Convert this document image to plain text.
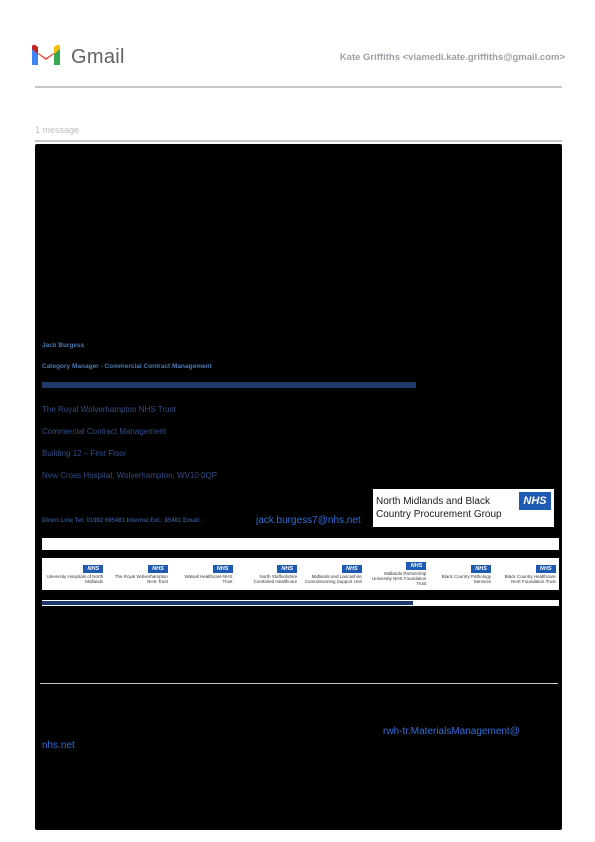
Gmail	Kate Griffiths <viamedi.kate.griffiths@gmail.com>
1 message
Jack Burgess
Category Manager - Commercial Contract Management
The Royal Wolverhampton NHS Trust
Commercial Contract Management
Building 12 – First Floor
New Cross Hospital, Wolverhampton, WV10 0QP
Direct Line Tel: 01902 695481 Internal Ext.: 85481 Email:	jack.burgess7@nhs.net
North Midlands and Black
Country Procurement Group
NHS
NHS
University Hospitals of North Midlands
NHS
The Royal Wolverhampton NHS Trust
NHS
Walsall Healthcare NHS Trust
NHS
North Staffordshire Combined Healthcare
NHS
Midlands and Lancashire Commissioning Support Unit
NHS
Midlands Partnership University NHS Foundation Trust
NHS
Black Country Pathology Services
NHS
Black Country Healthcare NHS Foundation Trust
rwh-tr.MaterialsManagement@
nhs.net
